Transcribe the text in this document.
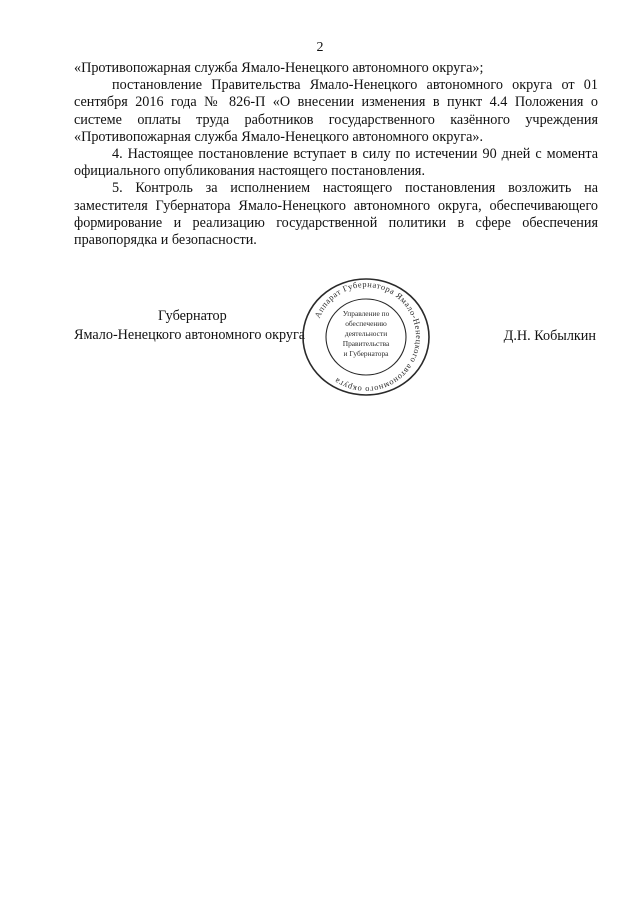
2

«Противопожарная служба Ямало-Ненецкого автономного округа»;

постановление Правительства Ямало-Ненецкого автономного округа от 01 сентября 2016 года № 826-П «О внесении изменения в пункт 4.4 Положения о системе оплаты труда работников государственного казённого учреждения «Противопожарная служба Ямало-Ненецкого автономного округа».

4. Настоящее постановление вступает в силу по истечении 90 дней с момента официального опубликования настоящего постановления.

5. Контроль за исполнением настоящего постановления возложить на заместителя Губернатора Ямало-Ненецкого автономного округа, обеспечивающего формирование и реализацию государственной политики в сфере обеспечения правопорядка и безопасности.

Губернатор
Ямало-Ненецкого автономного округа	Д.Н. Кобылкин
Аппарат Губернатора Ямало-Ненецкого автономного округа
Управление по
обеспечению
деятельности
Правительства
и Губернатора
